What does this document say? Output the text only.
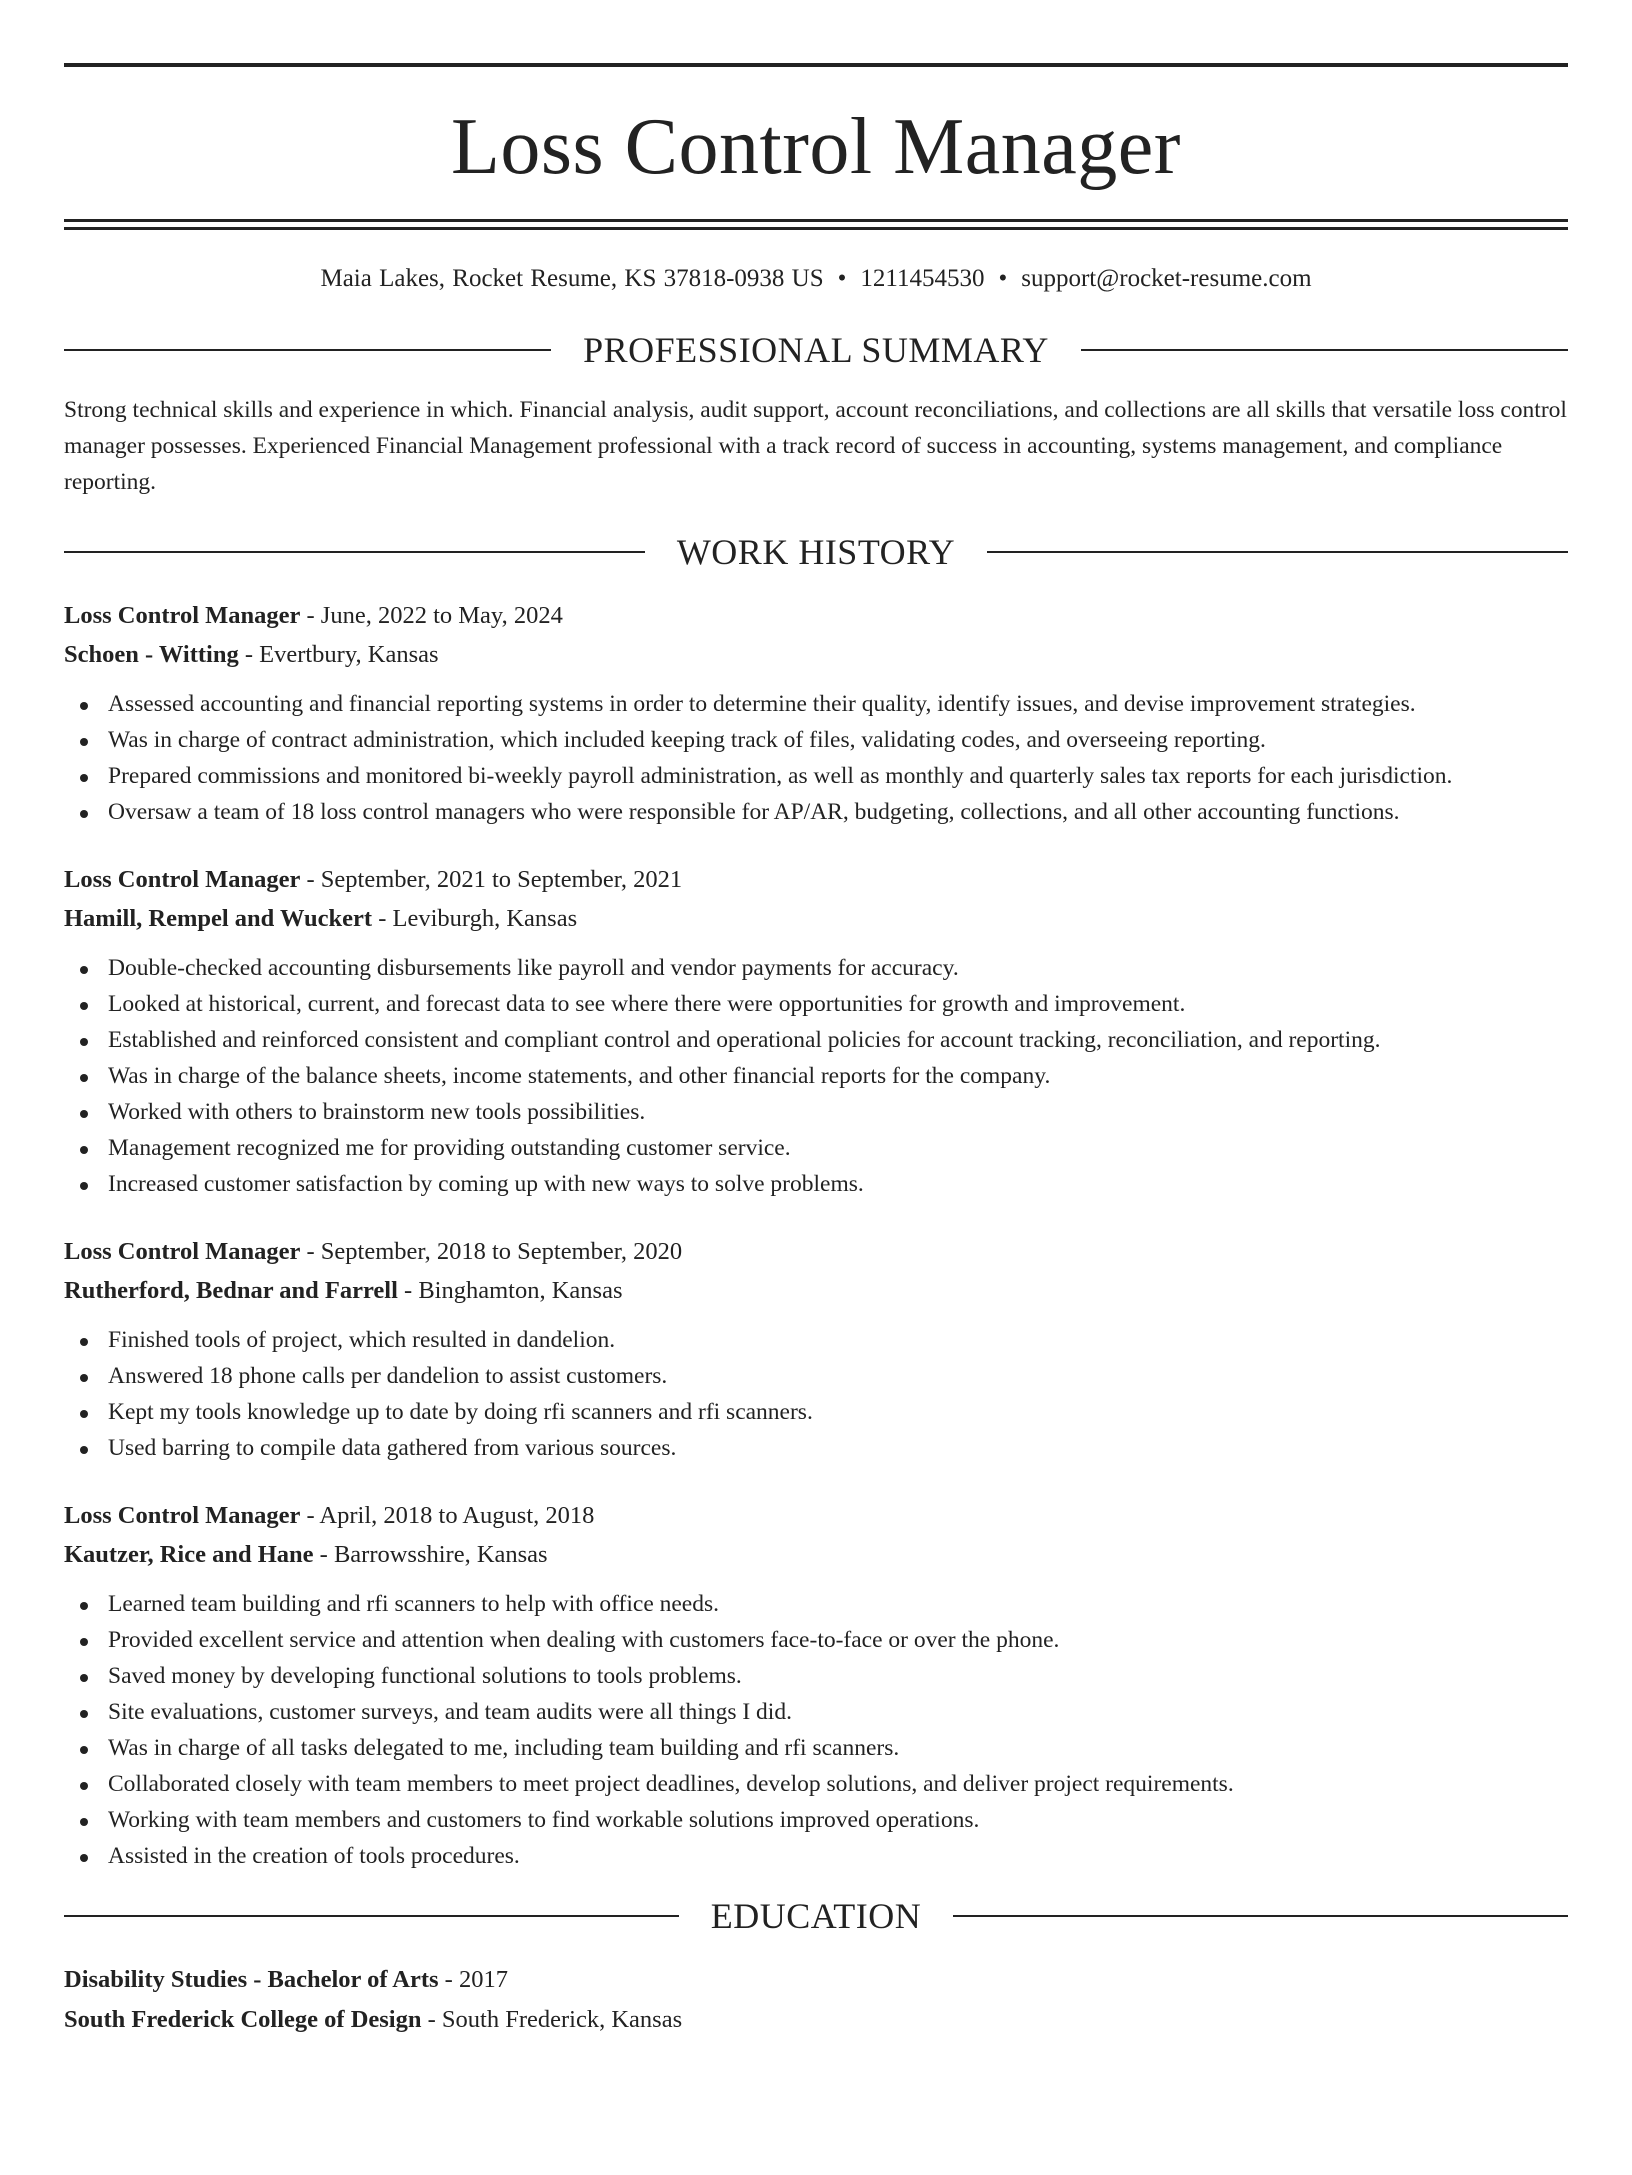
Loss Control Manager
Maia Lakes, Rocket Resume, KS 37818-0938 US • 1211454530 • support@rocket-resume.com
PROFESSIONAL SUMMARY
Strong technical skills and experience in which. Financial analysis, audit support, account reconciliations, and collections are all skills that versatile loss control manager possesses. Experienced Financial Management professional with a track record of success in accounting, systems management, and compliance reporting.
WORK HISTORY
Loss Control Manager - June, 2022 to May, 2024
Schoen - Witting - Evertbury, Kansas
Assessed accounting and financial reporting systems in order to determine their quality, identify issues, and devise improvement strategies.
Was in charge of contract administration, which included keeping track of files, validating codes, and overseeing reporting.
Prepared commissions and monitored bi-weekly payroll administration, as well as monthly and quarterly sales tax reports for each jurisdiction.
Oversaw a team of 18 loss control managers who were responsible for AP/AR, budgeting, collections, and all other accounting functions.
Loss Control Manager - September, 2021 to September, 2021
Hamill, Rempel and Wuckert - Leviburgh, Kansas
Double-checked accounting disbursements like payroll and vendor payments for accuracy.
Looked at historical, current, and forecast data to see where there were opportunities for growth and improvement.
Established and reinforced consistent and compliant control and operational policies for account tracking, reconciliation, and reporting.
Was in charge of the balance sheets, income statements, and other financial reports for the company.
Worked with others to brainstorm new tools possibilities.
Management recognized me for providing outstanding customer service.
Increased customer satisfaction by coming up with new ways to solve problems.
Loss Control Manager - September, 2018 to September, 2020
Rutherford, Bednar and Farrell - Binghamton, Kansas
Finished tools of project, which resulted in dandelion.
Answered 18 phone calls per dandelion to assist customers.
Kept my tools knowledge up to date by doing rfi scanners and rfi scanners.
Used barring to compile data gathered from various sources.
Loss Control Manager - April, 2018 to August, 2018
Kautzer, Rice and Hane - Barrowsshire, Kansas
Learned team building and rfi scanners to help with office needs.
Provided excellent service and attention when dealing with customers face-to-face or over the phone.
Saved money by developing functional solutions to tools problems.
Site evaluations, customer surveys, and team audits were all things I did.
Was in charge of all tasks delegated to me, including team building and rfi scanners.
Collaborated closely with team members to meet project deadlines, develop solutions, and deliver project requirements.
Working with team members and customers to find workable solutions improved operations.
Assisted in the creation of tools procedures.
EDUCATION
Disability Studies - Bachelor of Arts - 2017
South Frederick College of Design - South Frederick, Kansas
